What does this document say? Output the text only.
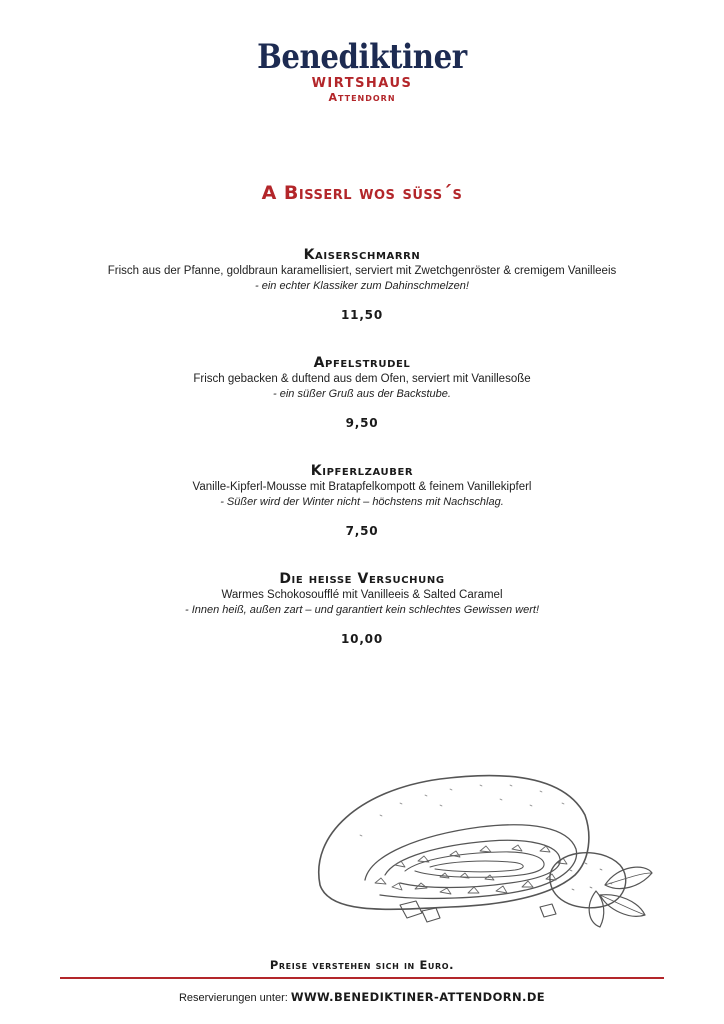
Benediktiner
WIRTSHAUS
Attendorn
A Bisserl wos süss´s
Kaiserschmarrn
Frisch aus der Pfanne, goldbraun karamellisiert, serviert mit Zwetchgenröster & cremigem Vanilleeis
- ein echter Klassiker zum Dahinschmelzen!
11,50
Apfelstrudel
Frisch gebacken & duftend aus dem Ofen, serviert mit Vanillesoße
- ein süßer Gruß aus der Backstube.
9,50
Kipferlzauber
Vanille-Kipferl-Mousse mit Bratapfelkompott & feinem Vanillekipferl
- Süßer wird der Winter nicht – höchstens mit Nachschlag.
7,50
Die heisse Versuchung
Warmes Schokosoufflé mit Vanilleeis & Salted Caramel
- Innen heiß, außen zart – und garantiert kein schlechtes Gewissen wert!
10,00
Preise verstehen sich in Euro.
Reservierungen unter: WWW.BENEDIKTINER-ATTENDORN.DE
